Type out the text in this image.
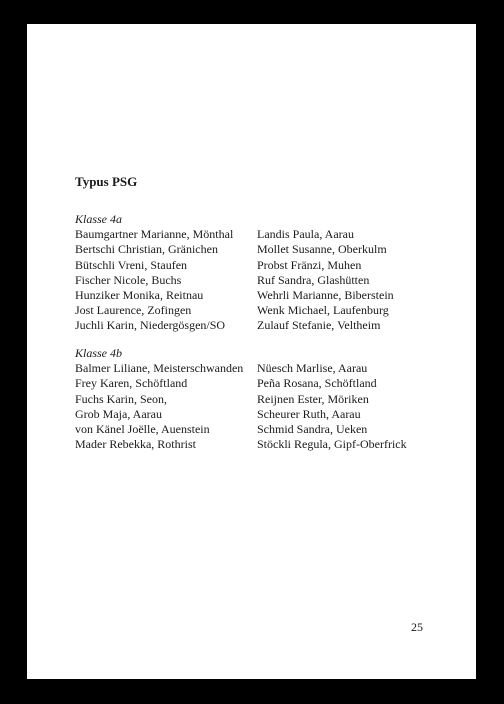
Typus PSG
Klasse 4a
Baumgartner Marianne, Mönthal
Bertschi Christian, Gränichen
Bütschli Vreni, Staufen
Fischer Nicole, Buchs
Hunziker Monika, Reitnau
Jost Laurence, Zofingen
Juchli Karin, Niedergösgen/SO
Landis Paula, Aarau
Mollet Susanne, Oberkulm
Probst Fränzi, Muhen
Ruf Sandra, Glashütten
Wehrli Marianne, Biberstein
Wenk Michael, Laufenburg
Zulauf Stefanie, Veltheim
Klasse 4b
Balmer Liliane, Meisterschwanden
Frey Karen, Schöftland
Fuchs Karin, Seon,
Grob Maja, Aarau
von Känel Joëlle, Auenstein
Mader Rebekka, Rothrist
Nüesch Marlise, Aarau
Peña Rosana, Schöftland
Reijnen Ester, Möriken
Scheurer Ruth, Aarau
Schmid Sandra, Ueken
Stöckli Regula, Gipf-Oberfrick
25
